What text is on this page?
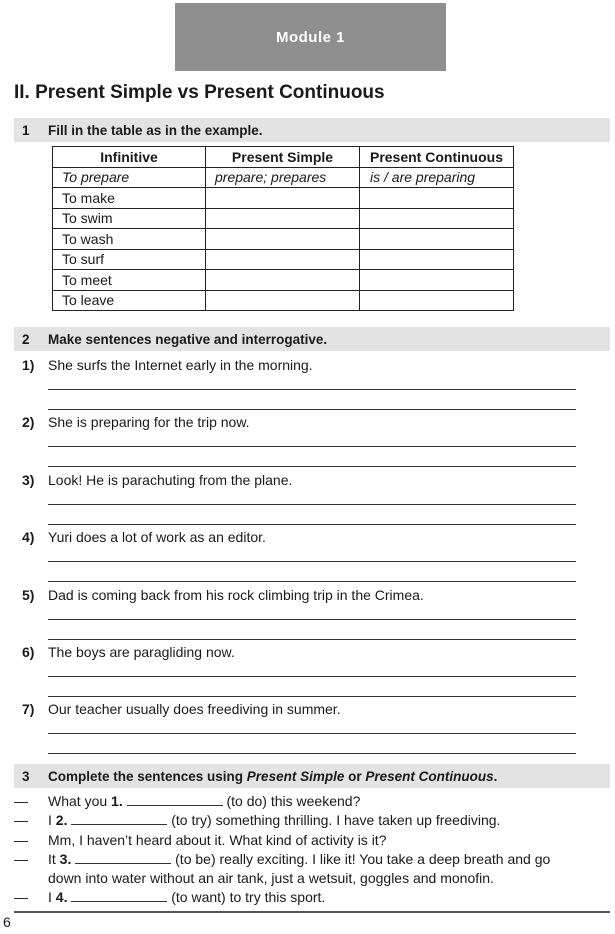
Module 1
II. Present Simple vs Present Continuous
1	Fill in the table as in the example.
Infinitive	Present Simple	Present Continuous
To prepare	prepare; prepares	is / are preparing
To make		
To swim		
To wash		
To surf		
To meet		
To leave		
2	Make sentences negative and interrogative.
1) She surfs the Internet early in the morning.
2) She is preparing for the trip now.
3) Look! He is parachuting from the plane.
4) Yuri does a lot of work as an editor.
5) Dad is coming back from his rock climbing trip in the Crimea.
6) The boys are paragliding now.
7) Our teacher usually does freediving in summer.
3	Complete the sentences using Present Simple or Present Continuous.
— What you 1.	(to do) this weekend?
— I 2.	(to try) something thrilling. I have taken up freediving.
— Mm, I haven’t heard about it. What kind of activity is it?
— It 3.	(to be) really exciting. I like it! You take a deep breath and go
down into water without an air tank, just a wetsuit, goggles and monofin.
— I 4.	(to want) to try this sport.
6
